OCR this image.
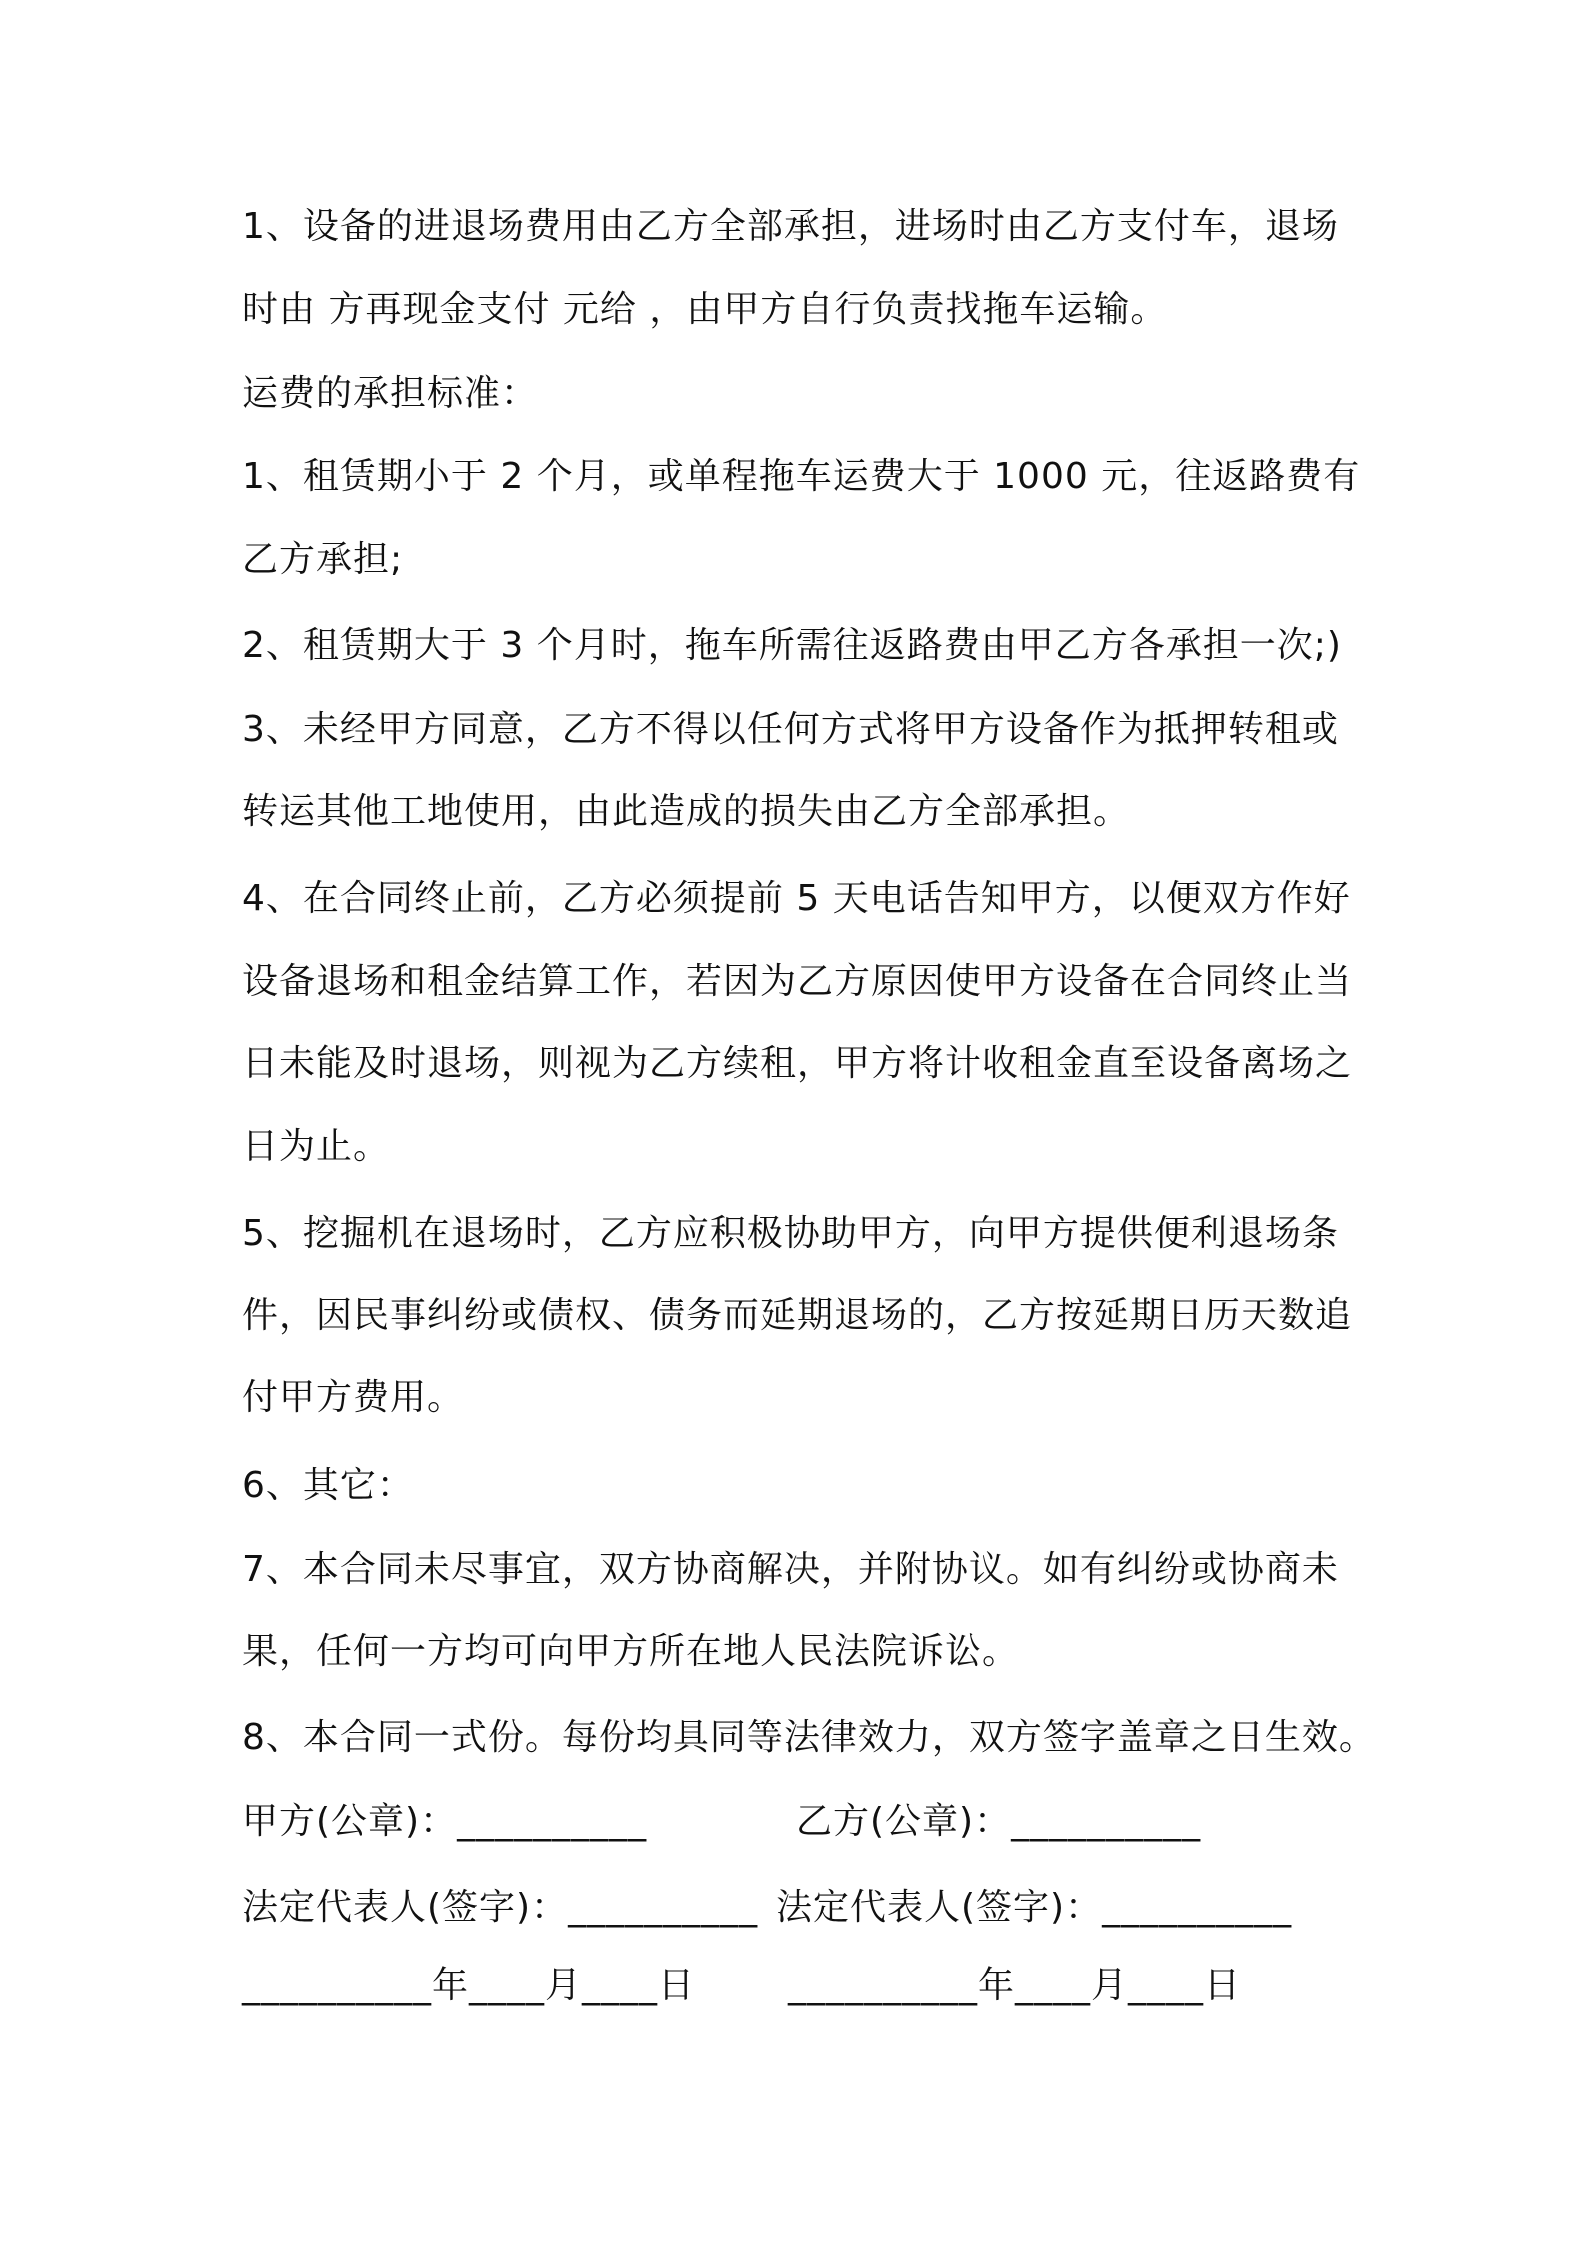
1、设备的进退场费用由乙方全部承担，进场时由乙方支付车，退场
时由 方再现金支付 元给 ，由甲方自行负责找拖车运输。
运费的承担标准：
1、租赁期小于 2 个月，或单程拖车运费大于 1000 元，往返路费有
乙方承担;
2、租赁期大于 3 个月时，拖车所需往返路费由甲乙方各承担一次;)
3、未经甲方同意，乙方不得以任何方式将甲方设备作为抵押转租或
转运其他工地使用，由此造成的损失由乙方全部承担。
4、在合同终止前，乙方必须提前 5 天电话告知甲方，以便双方作好
设备退场和租金结算工作，若因为乙方原因使甲方设备在合同终止当
日未能及时退场，则视为乙方续租，甲方将计收租金直至设备离场之
日为止。
5、挖掘机在退场时，乙方应积极协助甲方，向甲方提供便利退场条
件，因民事纠纷或债权、债务而延期退场的，乙方按延期日历天数追
付甲方费用。
6、其它：
7、本合同未尽事宜，双方协商解决，并附协议。如有纠纷或协商未
果，任何一方均可向甲方所在地人民法院诉讼。
8、本合同一式份。每份均具同等法律效力，双方签字盖章之日生效。
甲方(公章)：__________	乙方(公章)：__________
法定代表人(签字)：__________ 法定代表人(签字)：__________
__________年____月____日	__________年____月____日
